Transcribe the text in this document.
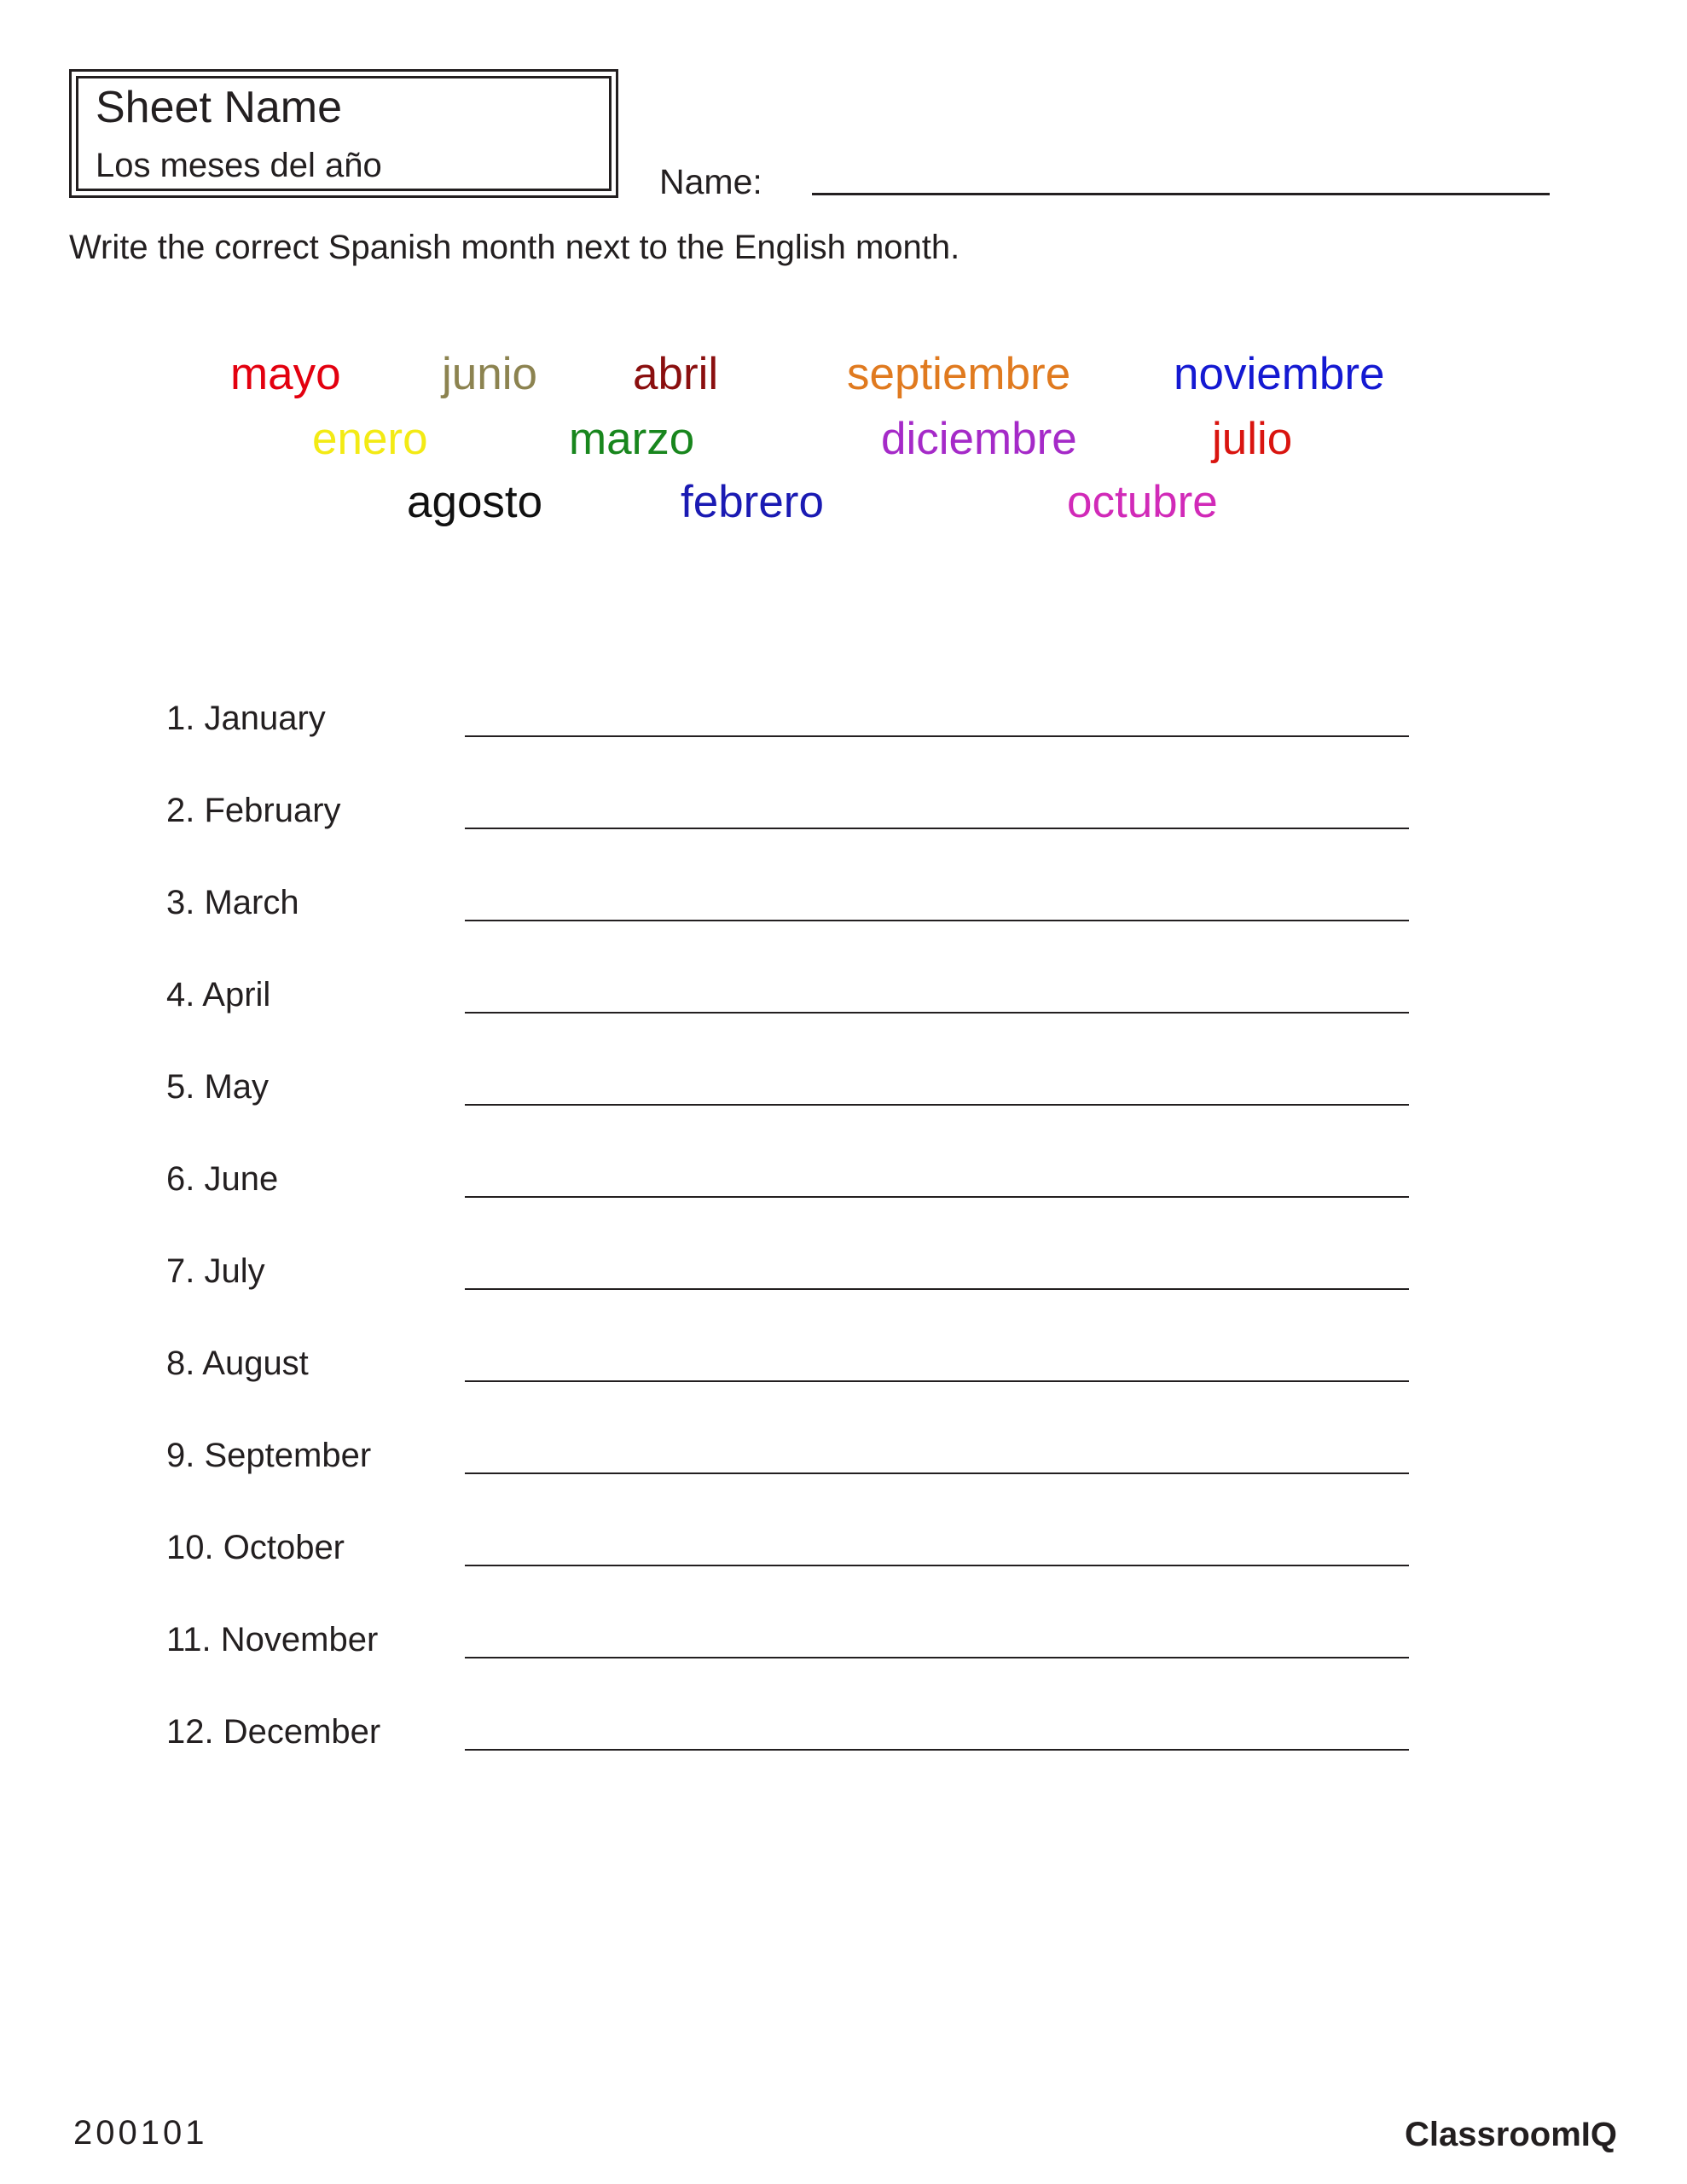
Sheet Name
Los meses del año	Name:
Write the correct Spanish month next to the English month.
mayo junio abril	septiembre noviembre
enero	marzo	diciembre	julio
agosto	febrero	octubre
1. January
2. February
3. March
4. April
5. May
6. June
7. July
8. August
9. September
10. October
11. November
12. December
200101	ClassroomIQ
